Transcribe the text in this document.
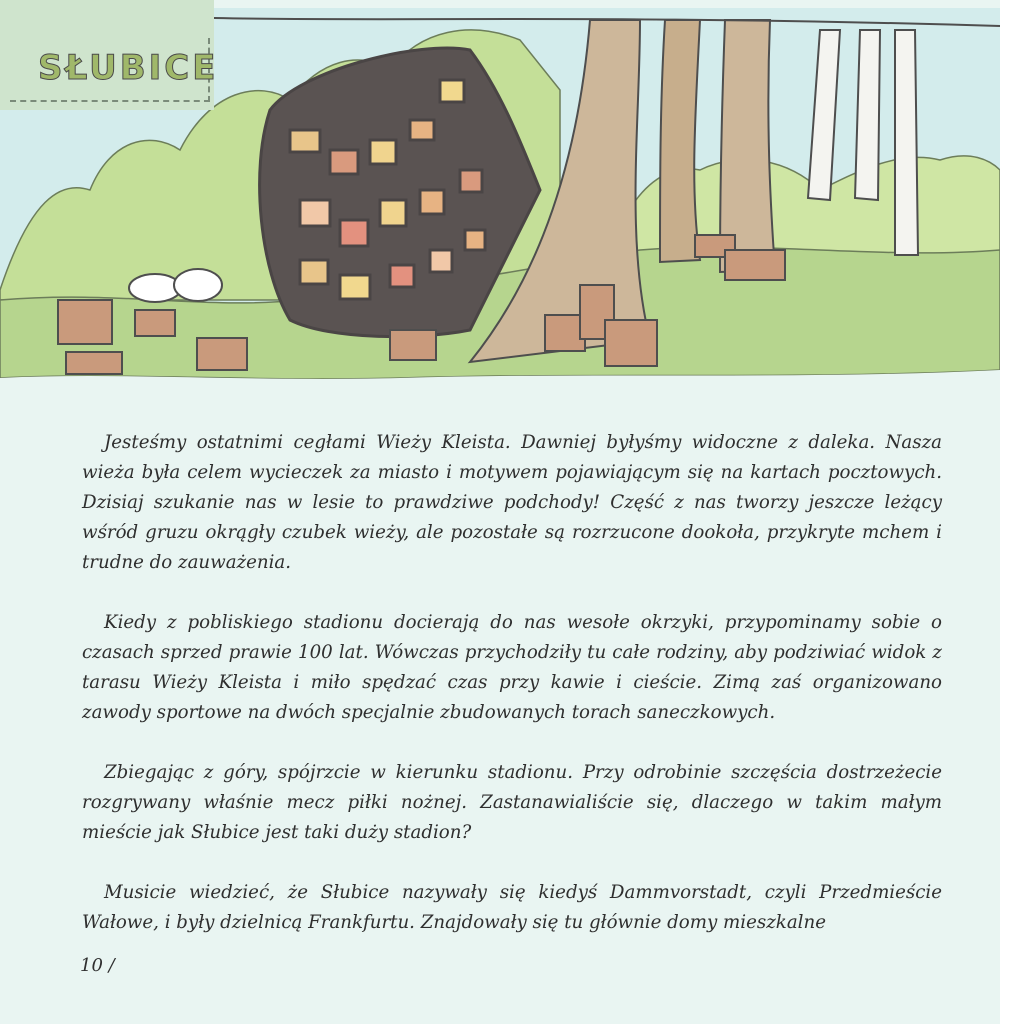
SŁUBICE

Jesteśmy ostatnimi cegłami Wieży Kleista. Dawniej byłyśmy widoczne z daleka. Nasza wieża była celem wycieczek za miasto i motywem pojawiającym się na kartach pocztowych. Dzisiaj szukanie nas w lesie to prawdziwe podchody! Część z nas tworzy jeszcze leżący wśród gruzu okrągły czubek wieży, ale pozostałe są rozrzucone dookoła, przykryte mchem i trudne do zauważenia.

Kiedy z pobliskiego stadionu docierają do nas wesołe okrzyki, przypominamy sobie o czasach sprzed prawie 100 lat. Wówczas przychodziły tu całe rodziny, aby podziwiać widok z tarasu Wieży Kleista i miło spędzać czas przy kawie i cieście. Zimą zaś organizowano zawody sportowe na dwóch specjalnie zbudowanych torach saneczkowych.

Zbiegając z góry, spójrzcie w kierunku stadionu. Przy odrobinie szczęścia dostrzeżecie rozgrywany właśnie mecz piłki nożnej. Zastanawialiście się, dlaczego w takim małym mieście jak Słubice jest taki duży stadion?

Musicie wiedzieć, że Słubice nazywały się kiedyś Dammvorstadt, czyli Przedmieście Wałowe, i były dzielnicą Frankfurtu. Znajdowały się tu głównie domy mieszkalne

10 /
